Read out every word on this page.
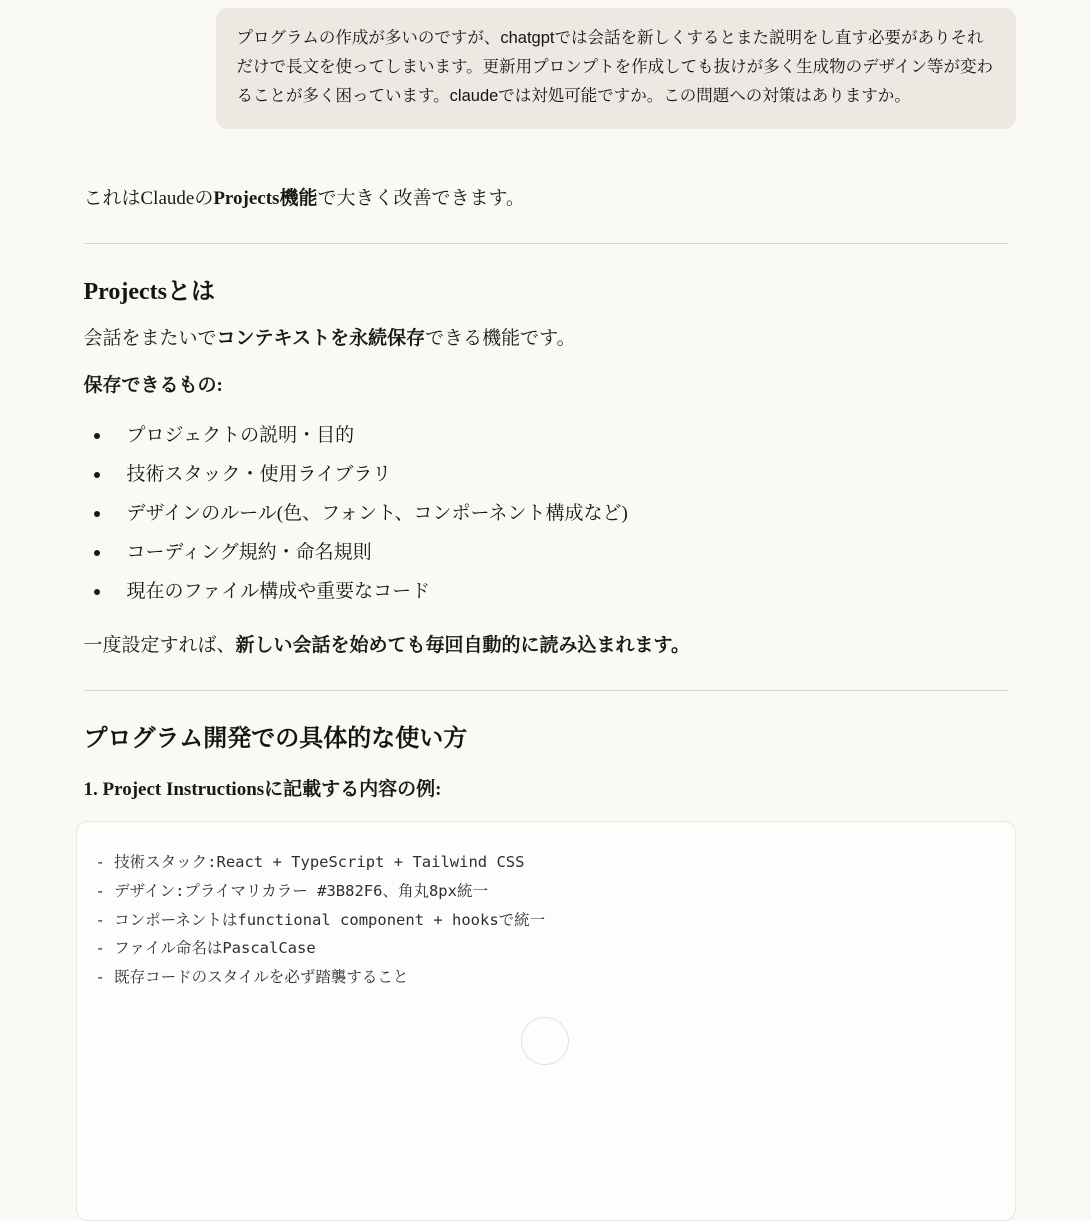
プログラムの作成が多いのですが、chatgptでは会話を新しくするとまた説明をし直す必要がありそれだけで長文を使ってしまいます。更新用プロンプトを作成しても抜けが多く生成物のデザイン等が変わることが多く困っています。claudeでは対処可能ですか。この問題への対策はありますか。

これはClaudeのProjects機能で大きく改善できます。

Projectsとは

会話をまたいでコンテキストを永続保存できる機能です。

保存できるもの:

プロジェクトの説明・目的
技術スタック・使用ライブラリ
デザインのルール(色、フォント、コンポーネント構成など)
コーディング規約・命名規則
現在のファイル構成や重要なコード

一度設定すれば、新しい会話を始めても毎回自動的に読み込まれます。

プログラム開発での具体的な使い方

1. Project Instructionsに記載する内容の例:

- 技術スタック:React + TypeScript + Tailwind CSS
- デザイン:プライマリカラー #3B82F6、角丸8px統一
- コンポーネントはfunctional component + hooksで統一
- ファイル命名はPascalCase
- 既存コードのスタイルを必ず踏襲すること
